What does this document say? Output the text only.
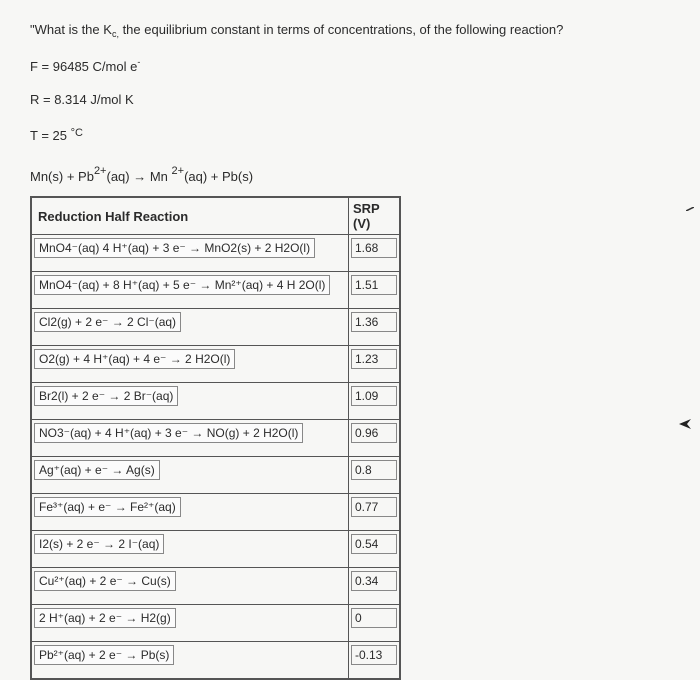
"What is the $K_{c,}$ the equilibrium constant in terms of concentrations, of the following reaction?
F = 96485 C/mol e-
R = 8.314 J/mol K
T = 25 $^{^\circ C}$
$Mn(s) + Pb^{2+}(aq) \to Mn$ $^{2+}$(aq) + Pb(s)
Reduction Half Reaction	SRP (V)
MnO4⁻(aq) 4 H⁺(aq) + 3 e⁻ → MnO2(s) + 2 H2O(l)	1.68

MnO4⁻(aq) + 8 H⁺(aq) + 5 e⁻ → Mn²⁺(aq) + 4 H 2O(l)	1.51

Cl2(g) + 2 e⁻ → 2 Cl⁻(aq)	1.36

O2(g) + 4 H⁺(aq) + 4 e⁻ → 2 H2O(l)	1.23

Br2(l) + 2 e⁻ → 2 Br⁻(aq)	1.09

NO3⁻(aq) + 4 H⁺(aq) + 3 e⁻ → NO(g) + 2 H2O(l)	0.96

Ag⁺(aq) + e⁻ → Ag(s)	0.8

Fe³⁺(aq) + e⁻ → Fe²⁺(aq)	0.77

I2(s) + 2 e⁻ → 2 I⁻(aq)	0.54

Cu²⁺(aq) + 2 e⁻ → Cu(s)	0.34

2 H⁺(aq) + 2 e⁻ → H2(g)	0

Pb²⁺(aq) + 2 e⁻ → Pb(s)	-0.13
